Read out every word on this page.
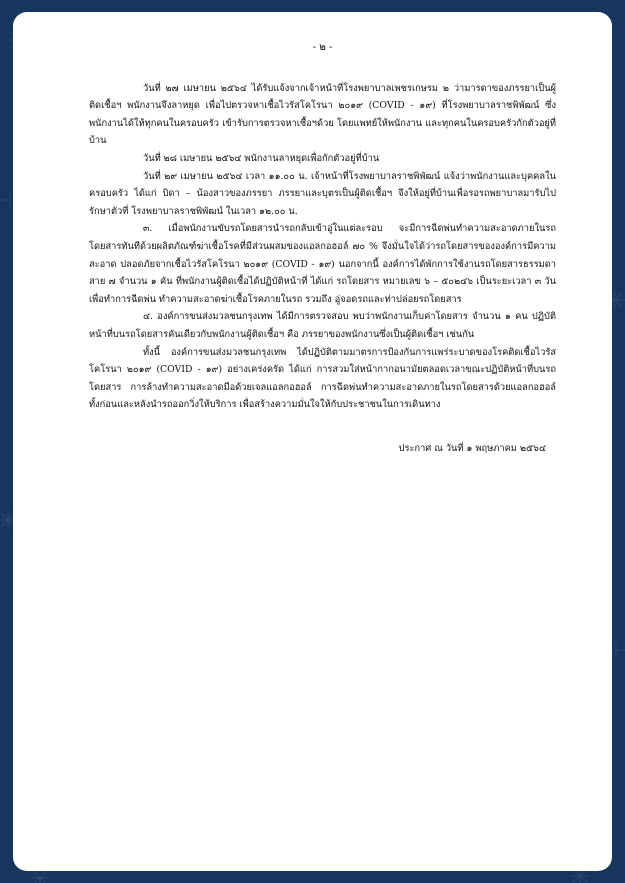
- ๒ -

วันที่ ๒๗ เมษายน ๒๕๖๔ ได้รับแจ้งจากเจ้าหน้าที่โรงพยาบาลเพชรเกษรม ๒ ว่ามารดาของภรรยาเป็นผู้ติดเชื้อฯ พนักงานจึงลาหยุด เพื่อไปตรวจหาเชื้อไวรัสโคโรนา ๒๐๑๙ (COVID - ๑๙) ที่โรงพยาบาลราชพิพัฒน์ ซึ่งพนักงานได้ให้ทุกคนในครอบครัว เข้ารับการตรวจหาเชื้อฯด้วย โดยแพทย์ให้พนักงาน และทุกคนในครอบครัวกักตัวอยู่ที่บ้าน

วันที่ ๒๘ เมษายน ๒๕๖๔ พนักงานลาหยุดเพื่อกักตัวอยู่ที่บ้าน

วันที่ ๒๙ เมษายน ๒๕๖๔ เวลา ๑๑.๐๐ น. เจ้าหน้าที่โรงพยาบาลราชพิพัฒน์ แจ้งว่าพนักงานและบุคคลในครอบครัว ได้แก่ บิดา – น้องสาวของภรรยา ภรรยาและบุตรเป็นผู้ติดเชื้อฯ จึงให้อยู่ที่บ้านเพื่อรอรถพยาบาลมารับไปรักษาตัวที่ โรงพยาบาลราชพิพัฒน์ ในเวลา ๑๒.๐๐ น.

๓. เมื่อพนักงานขับรถโดยสารนำรถกลับเข้าอู่ในแต่ละรอบ จะมีการฉีดพ่นทำความสะอาดภายในรถโดยสารทันทีด้วยผลิตภัณฑ์ฆ่าเชื้อโรคที่มีส่วนผสมของแอลกอฮอล์ ๗๐ % จึงมั่นใจได้ว่ารถโดยสารขององค์การมีความสะอาด ปลอดภัยจากเชื้อไวรัสโคโรนา ๒๐๑๙ (COVID - ๑๙) นอกจากนี้ องค์การได้พักการใช้งานรถโดยสารธรรมดา สาย ๗ จำนวน ๑ คัน ที่พนักงานผู้ติดเชื้อได้ปฏิบัติหน้าที่ ได้แก่ รถโดยสาร หมายเลข ๖ – ๕๐๒๔๖ เป็นระยะเวลา ๓ วัน เพื่อทำการฉีดพ่น ทำความสะอาดฆ่าเชื้อโรคภายในรถ รวมถึง อู่จอดรถและท่าปล่อยรถโดยสาร

๔. องค์การขนส่งมวลชนกรุงเทพ ได้มีการตรวจสอบ พบว่าพนักงานเก็บค่าโดยสาร จำนวน ๑ คน ปฏิบัติหน้าที่บนรถโดยสารคันเดียวกับพนักงานผู้ติดเชื้อฯ คือ ภรรยาของพนักงานซึ่งเป็นผู้ติดเชื้อฯ เช่นกัน

ทั้งนี้ องค์การขนส่งมวลชนกรุงเทพ ได้ปฏิบัติตามมาตรการป้องกันการแพร่ระบาดของโรคติดเชื้อไวรัสโคโรนา ๒๐๑๙ (COVID - ๑๙) อย่างเคร่งครัด ได้แก่ การสวมใส่หน้ากากอนามัยตลอดเวลาขณะปฏิบัติหน้าที่บนรถโดยสาร การล้างทำความสะอาดมือด้วยเจลแอลกอฮอล์ การฉีดพ่นทำความสะอาดภายในรถโดยสารด้วยแอลกอฮอล์ ทั้งก่อนและหลังนำรถออกวิ่งให้บริการ เพื่อสร้างความมั่นใจให้กับประชาชนในการเดินทาง

ประกาศ ณ วันที่ ๑ พฤษภาคม ๒๕๖๔
